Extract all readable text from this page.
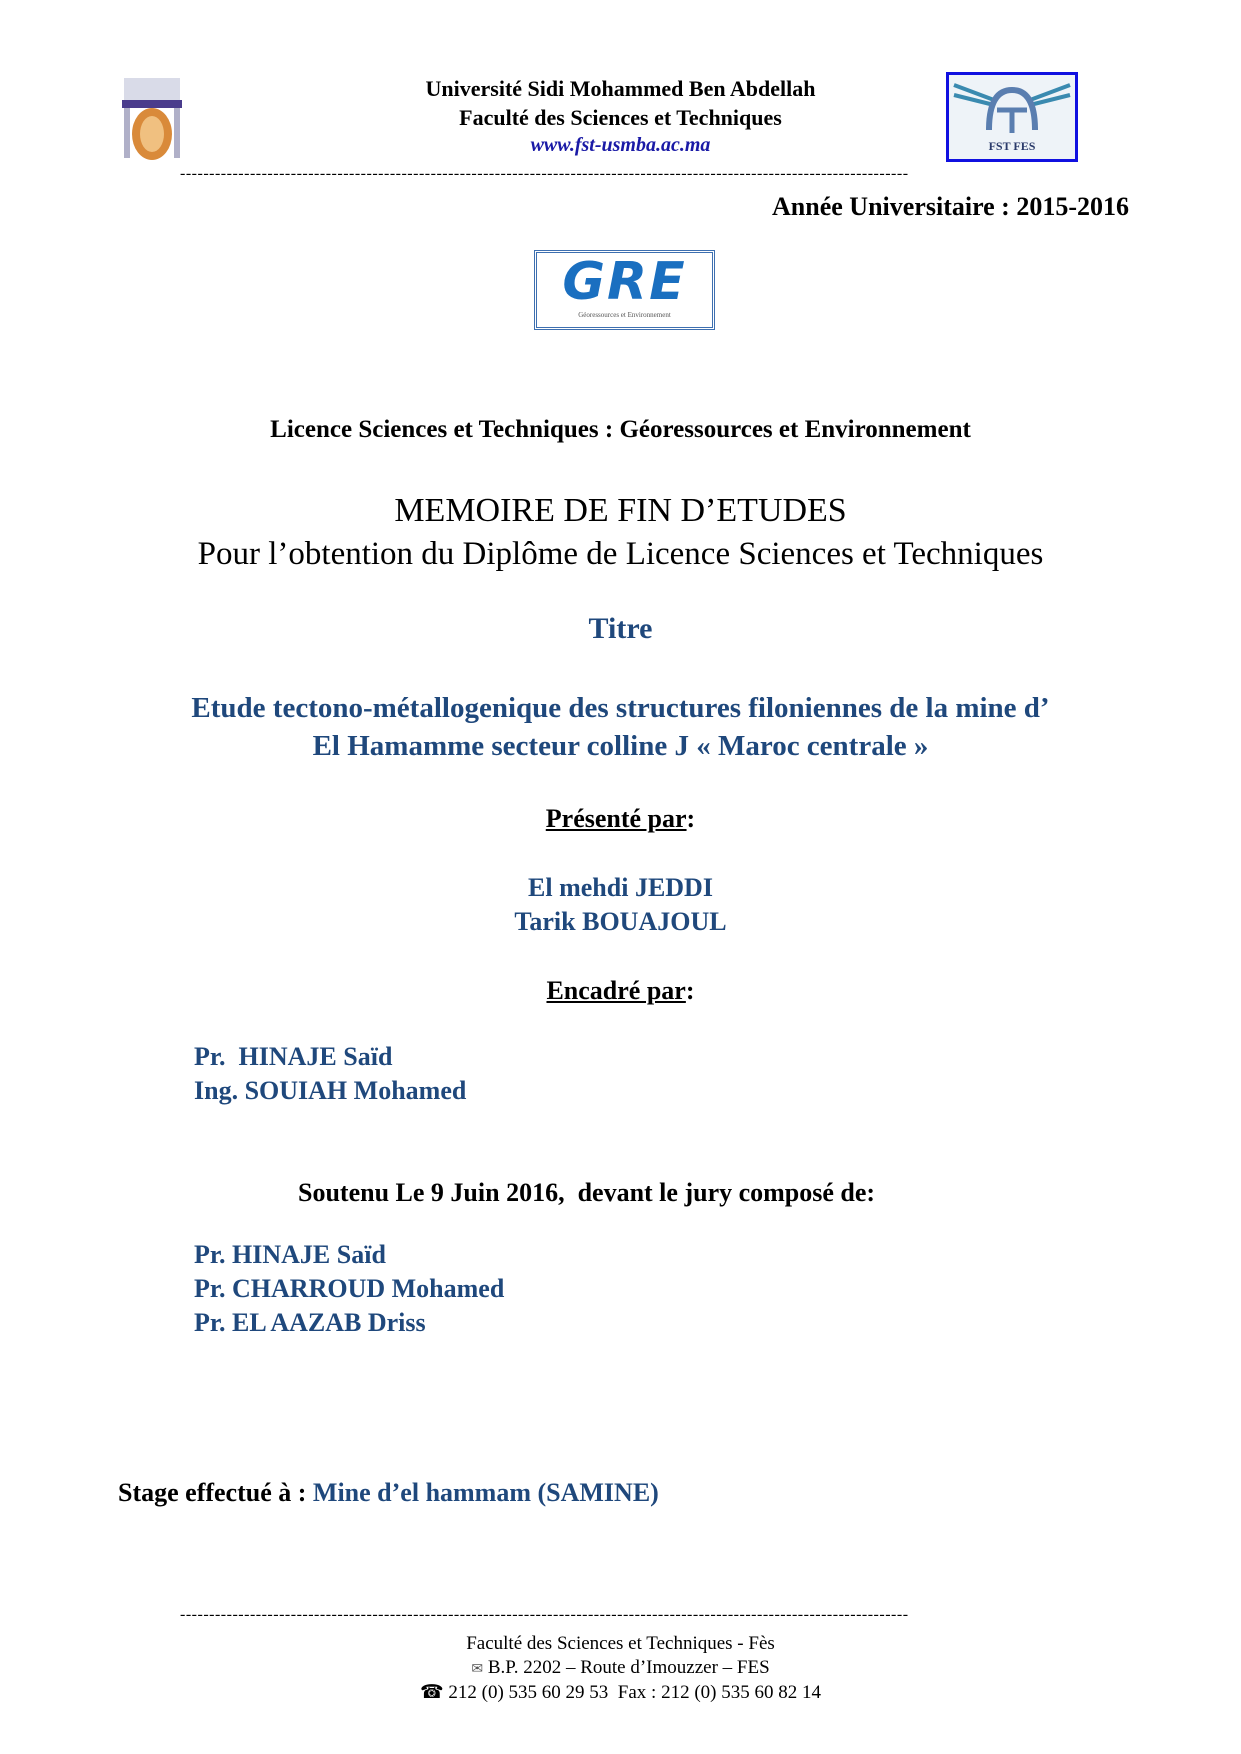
Université Sidi Mohammed Ben Abdellah
Faculté des Sciences et Techniques
www.fst-usmba.ac.ma	FST FES
-----------------------------------------------------------------------------------------------------------------------------
Année Universitaire : 2015-2016
GRE
Géoressources et Environnement
Licence Sciences et Techniques : Géoressources et Environnement
MEMOIRE DE FIN D’ETUDES
Pour l’obtention du Diplôme de Licence Sciences et Techniques
Titre
Etude tectono-métallogenique des structures filoniennes de la mine d’
El Hamamme secteur colline J « Maroc centrale »
Présenté par:
El mehdi JEDDI
Tarik BOUAJOUL
Encadré par:
Pr.  HINAJE Saïd
Ing. SOUIAH Mohamed
Soutenu Le 9 Juin 2016,  devant le jury composé de:
Pr. HINAJE Saïd
Pr. CHARROUD Mohamed
Pr. EL AAZAB Driss
Stage effectué à : Mine d’el hammam (SAMINE)
-----------------------------------------------------------------------------------------------------------------------------
Faculté des Sciences et Techniques - Fès
✉ B.P. 2202 – Route d’Imouzzer – FES
☎ 212 (0) 535 60 29 53  Fax : 212 (0) 535 60 82 14
